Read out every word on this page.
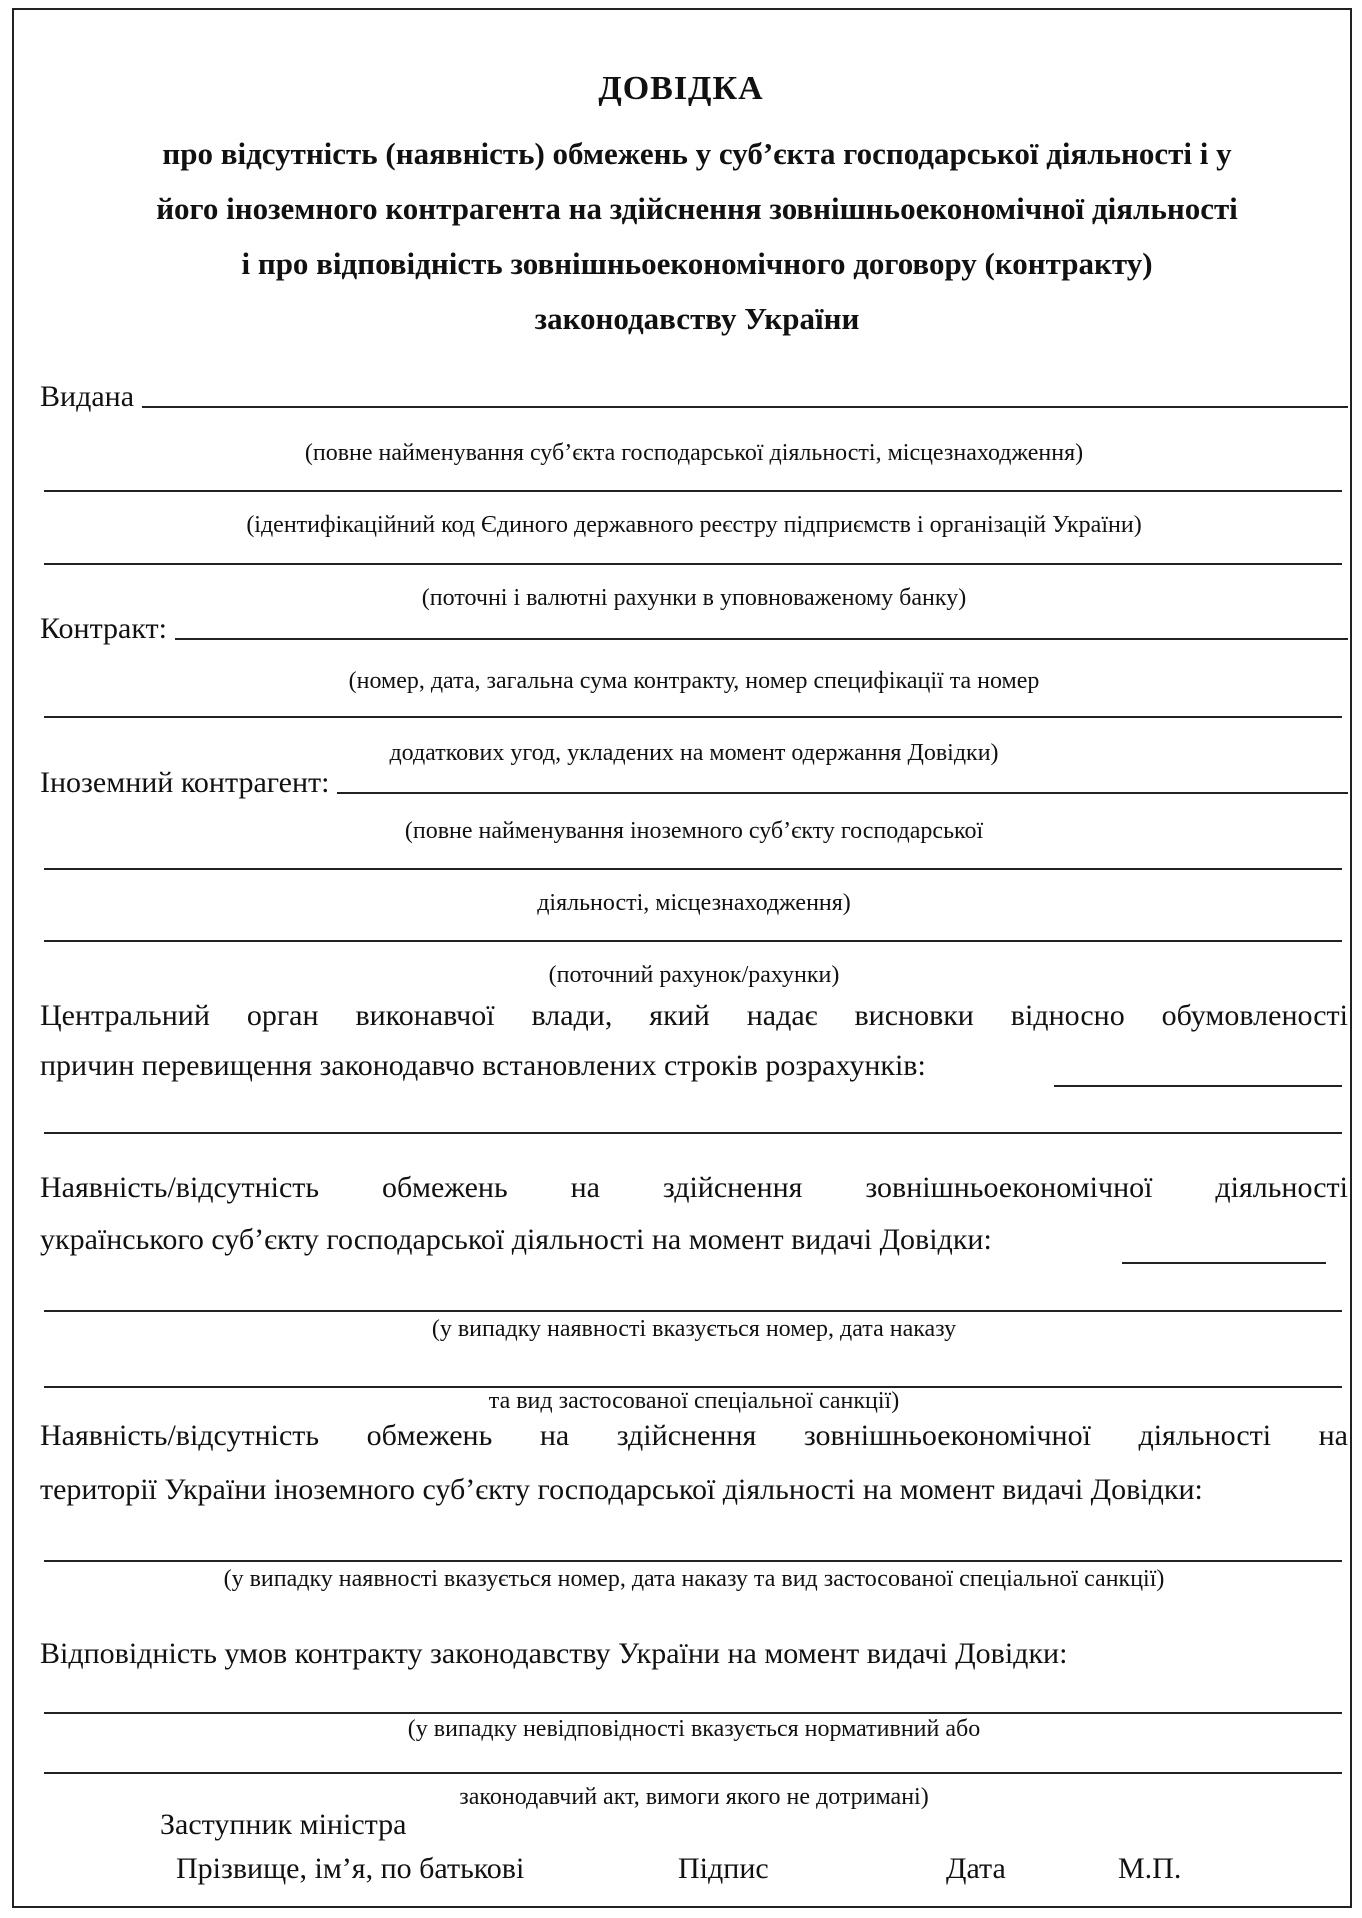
ДОВІДКА
про відсутність (наявність) обмежень у суб’єкта господарської діяльності і у
його іноземного контрагента на здійснення зовнішньоекономічної діяльності
і про відповідність зовнішньоекономічного договору (контракту)
законодавству України
Видана
(повне найменування суб’єкта господарської діяльності, місцезнаходження)
(ідентифікаційний код Єдиного державного реєстру підприємств і організацій України)
(поточні і валютні рахунки в уповноваженому банку)
Контракт:
(номер, дата, загальна сума контракту, номер специфікації та номер
додаткових угод, укладених на момент одержання Довідки)
Іноземний контрагент:
(повне найменування іноземного суб’єкту господарської
діяльності, місцезнаходження)
(поточний рахунок/рахунки)
Центральний орган виконавчої влади, який надає висновки відносно обумовленості
причин перевищення законодавчо встановлених строків розрахунків:
Наявність/відсутність обмежень на здійснення зовнішньоекономічної діяльності
українського суб’єкту господарської діяльності на момент видачі Довідки:
(у випадку наявності вказується номер, дата наказу
та вид застосованої спеціальної санкції)
Наявність/відсутність обмежень на здійснення зовнішньоекономічної діяльності на
території України іноземного суб’єкту господарської діяльності на момент видачі Довідки:
(у випадку наявності вказується номер, дата наказу та вид застосованої спеціальної санкції)
Відповідність умов контракту законодавству України на момент видачі Довідки:
(у випадку невідповідності вказується нормативний або
законодавчий акт, вимоги якого не дотримані)
Заступник міністра
Прізвище, ім’я, по батькові	Підпис	Дата	М.П.
